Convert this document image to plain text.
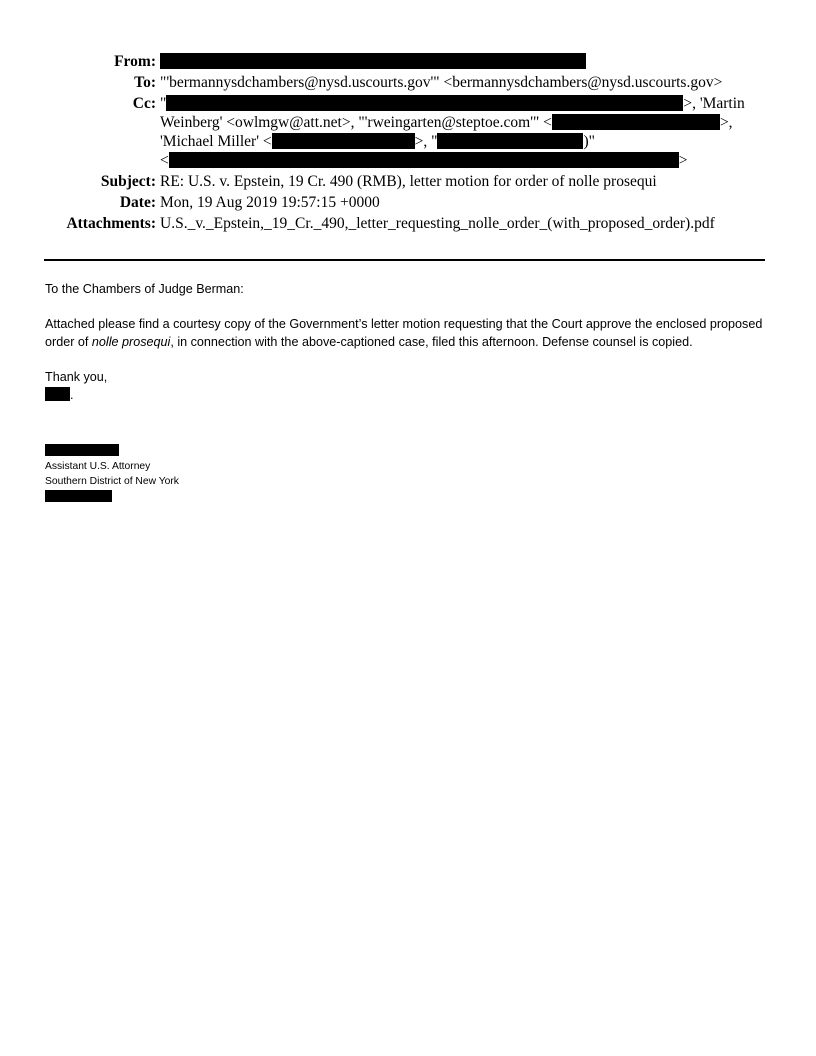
From:
To: "'bermannysdchambers@nysd.uscourts.gov'" <bermannysdchambers@nysd.uscourts.gov>
Cc: "	>, 'Martin Weinberg' <owlmgw@att.net>, "'rweingarten@steptoe.com'" <	>, 'Michael Miller' <	>, "	)"
<	>
Subject: RE: U.S. v. Epstein, 19 Cr. 490 (RMB), letter motion for order of nolle prosequi
Date: Mon, 19 Aug 2019 19:57:15 +0000
Attachments: U.S._v._Epstein,_19_Cr._490,_letter_requesting_nolle_order_(with_proposed_order).pdf

To the Chambers of Judge Berman:

Attached please find a courtesy copy of the Government’s letter motion requesting that the Court approve the enclosed proposed order of nolle prosequi, in connection with the above-captioned case, filed this afternoon. Defense counsel is copied.

Thank you,
.

Assistant U.S. Attorney
Southern District of New York
